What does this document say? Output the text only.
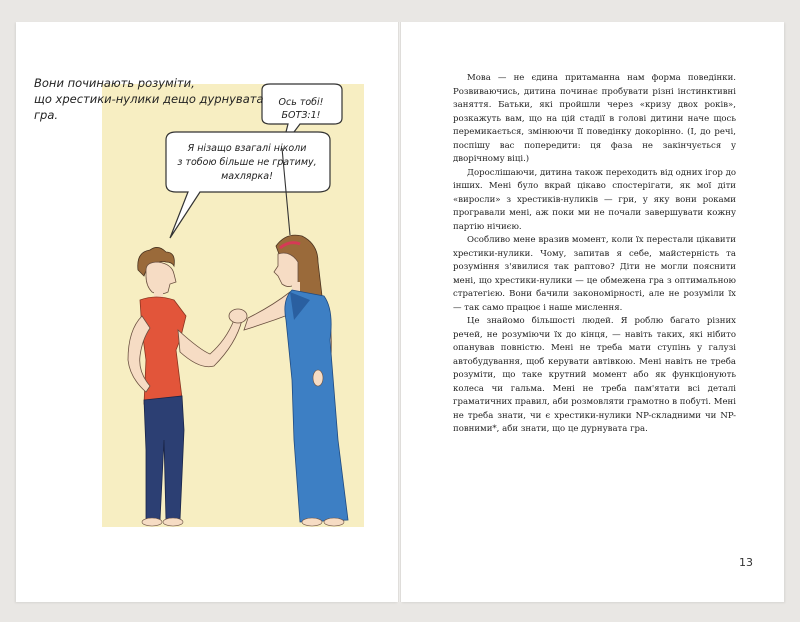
Вони починають розуміти,
що хрестики-нулики дещо дурнувата гра.
Ось тобі!
БОТЗ:1!
Я нізащо взагалі ніколи
з тобою більше не гратиму,
махлярка!

Мова — не єдина притаманна нам форма поведінки. Розвиваючись, дитина починає пробувати різні інстинктивні заняття. Батьки, які пройшли через «кризу двох років», розкажуть вам, що на цій стадії в голові дитини наче щось перемикається, змінюючи її поведінку докорінно. (І, до речі, поспішу вас попередити: ця фаза не закінчується у дворічному віці.)

Дорослішаючи, дитина також переходить від одних ігор до інших. Мені було вкрай цікаво спостерігати, як мої діти «виросли» з хрестиків-нуликів — гри, у яку вони роками програвали мені, аж поки ми не почали завершувати кожну партію нічиєю.

Особливо мене вразив момент, коли їх перестали цікавити хрестики-нулики. Чому, запитав я себе, майстерність та розуміння з'явилися так раптово? Діти не могли пояснити мені, що хрестики-нулики — це обмежена гра з оптимальною стратегією. Вони бачили закономірності, але не розуміли їх — так само працює і наше мислення.

Це знайомо більшості людей. Я роблю багато різних речей, не розуміючи їх до кінця, — навіть таких, які нібито опанував повністю. Мені не треба мати ступінь у галузі автобудування, щоб керувати автівкою. Мені навіть не треба розуміти, що таке крутний момент або як функціонують колеса чи гальма. Мені не треба пам'ятати всі деталі граматичних правил, аби розмовляти грамотно в побуті. Мені не треба знати, чи є хрестики-нулики NP-складними чи NP-повними*, аби знати, що це дурнувата гра.

13
